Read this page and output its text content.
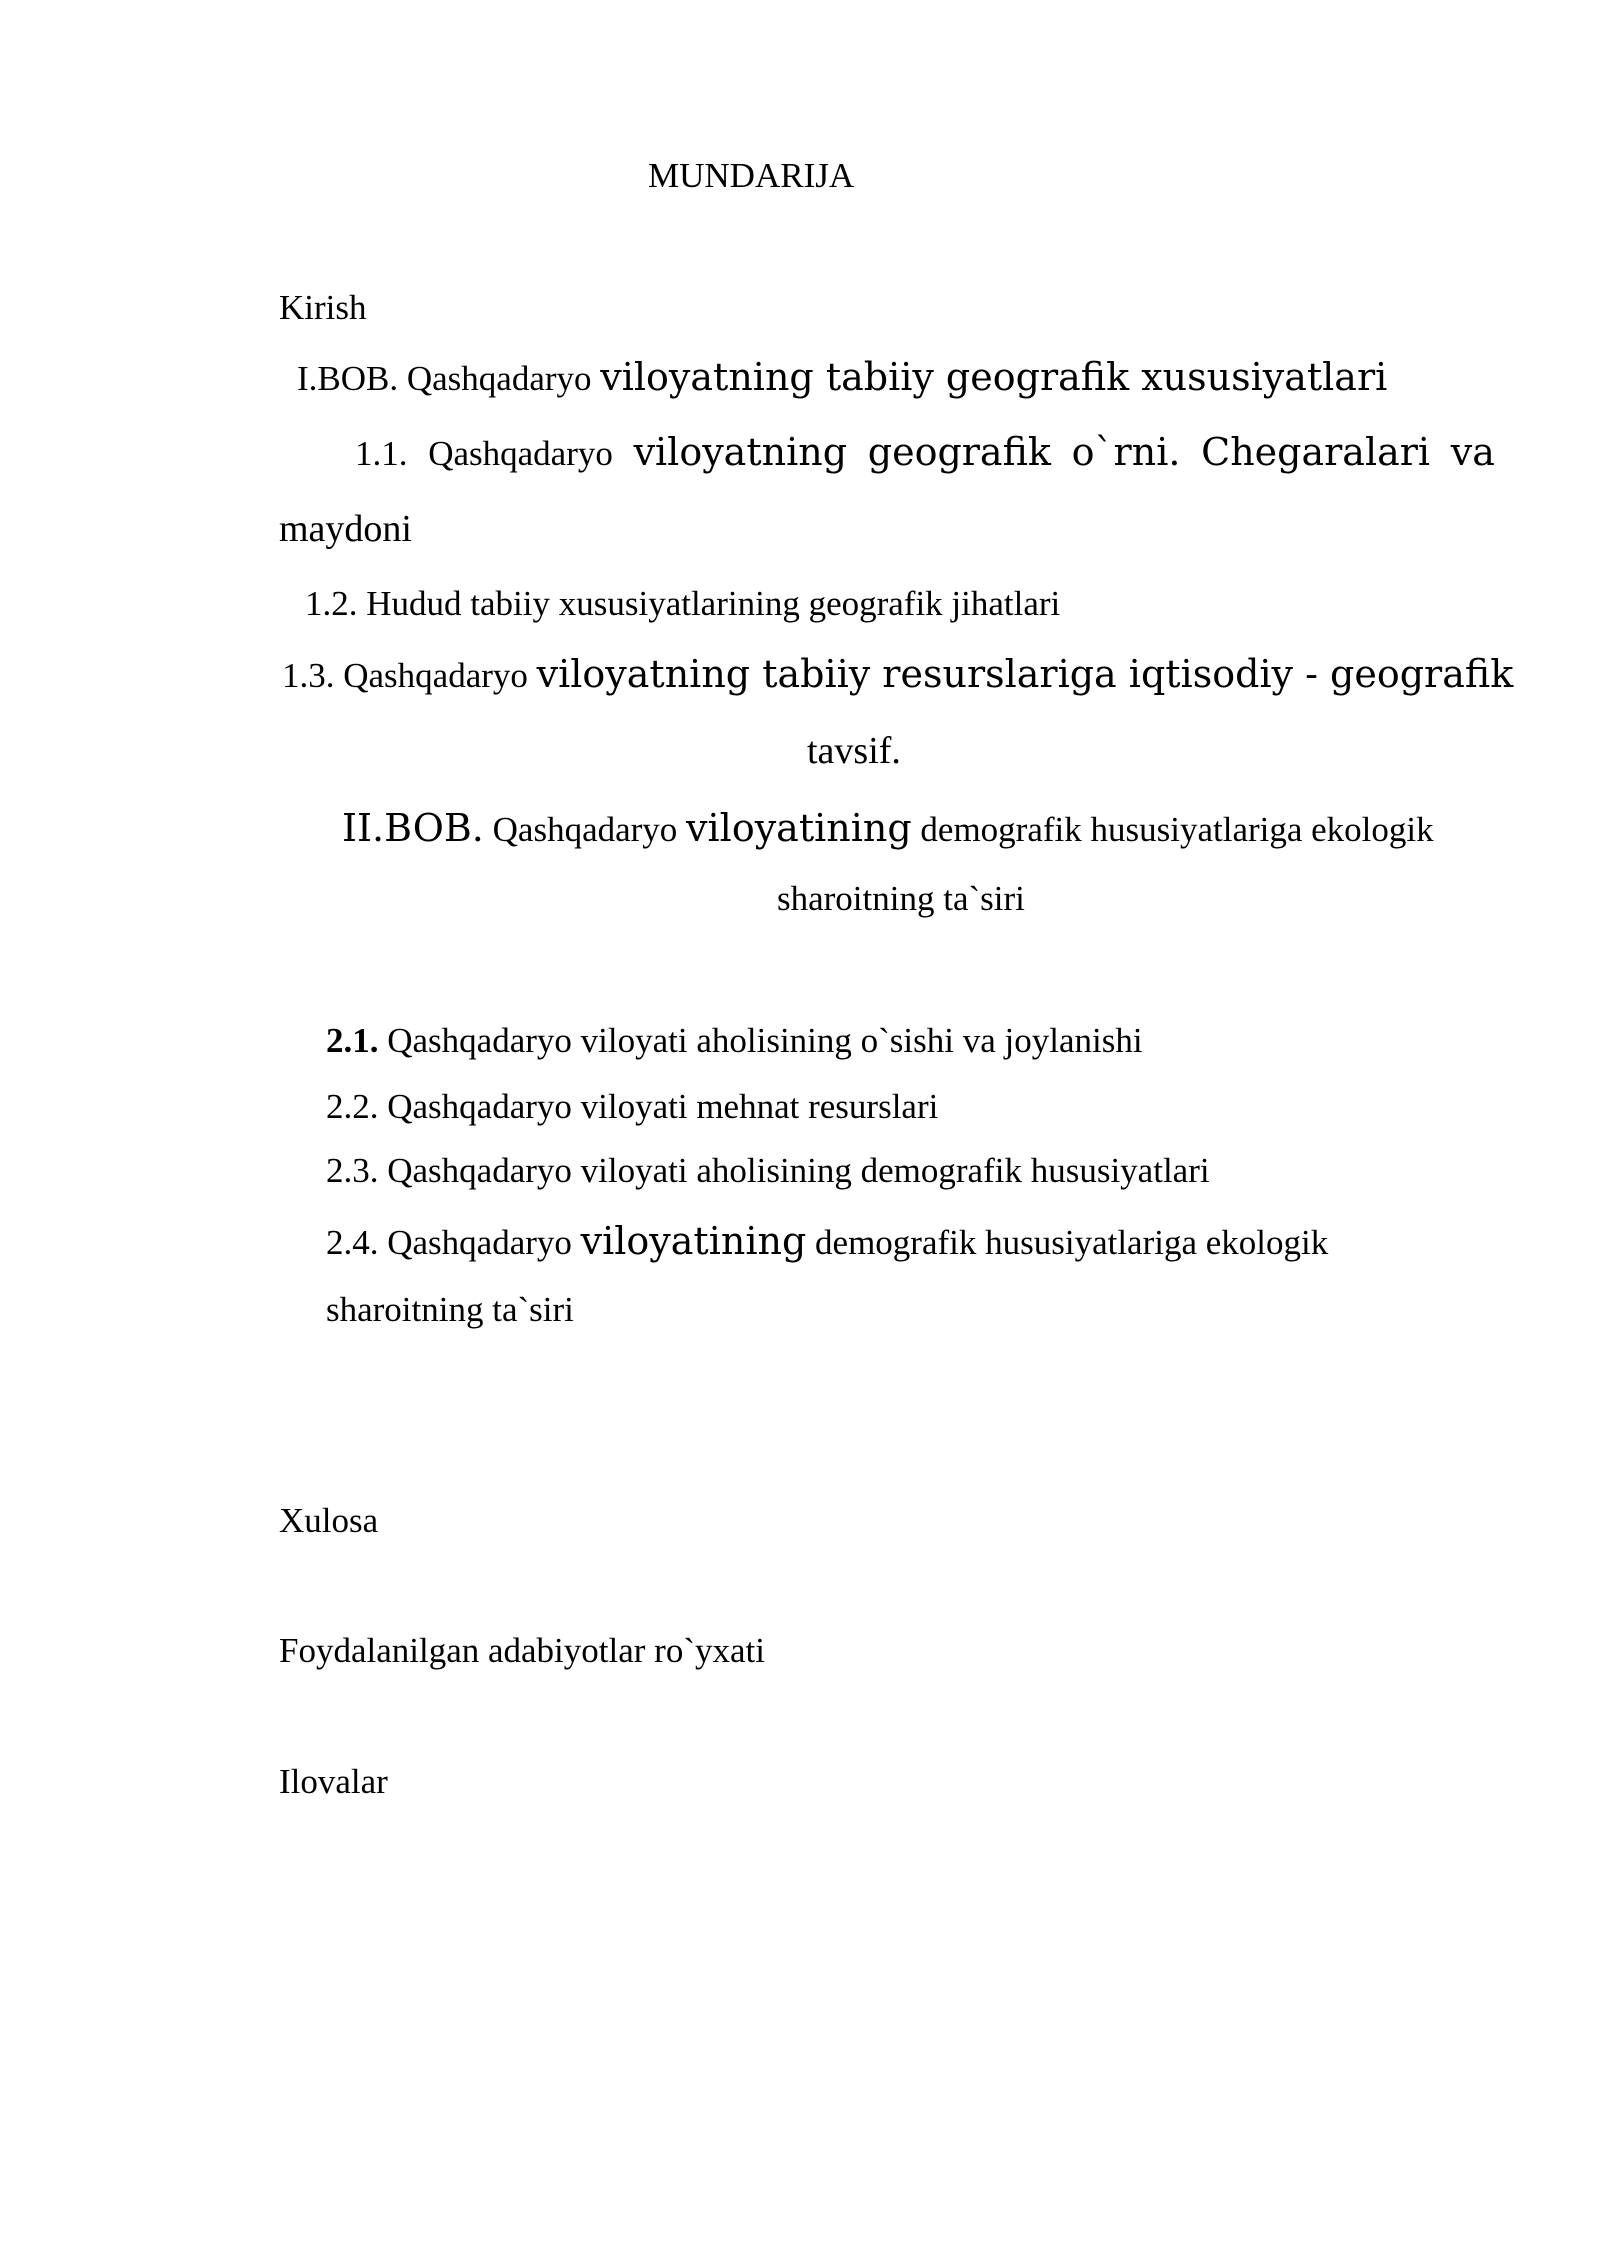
MUNDARIJA
Kirish
I.BOB. Qashqadaryo viloyatning tabiiy geografik xususiyatlari
1.1. Qashqadaryo viloyatning geografik o`rni. Chegaralari va
maydoni
1.2. Hudud tabiiy xususiyatlarining geografik jihatlari
1.3. Qashqadaryo viloyatning tabiiy resurslariga iqtisodiy - geografik
tavsif.
II.BOB. Qashqadaryo viloyatining demografik hususiyatlariga ekologik
sharoitning ta`siri
2.1. Qashqadaryo viloyati aholisining o`sishi va joylanishi
2.2. Qashqadaryo viloyati mehnat resurslari
2.3. Qashqadaryo viloyati aholisining demografik hususiyatlari
2.4. Qashqadaryo viloyatining demografik hususiyatlariga ekologik
sharoitning ta`siri
Xulosa
Foydalanilgan adabiyotlar ro`yxati
Ilovalar
